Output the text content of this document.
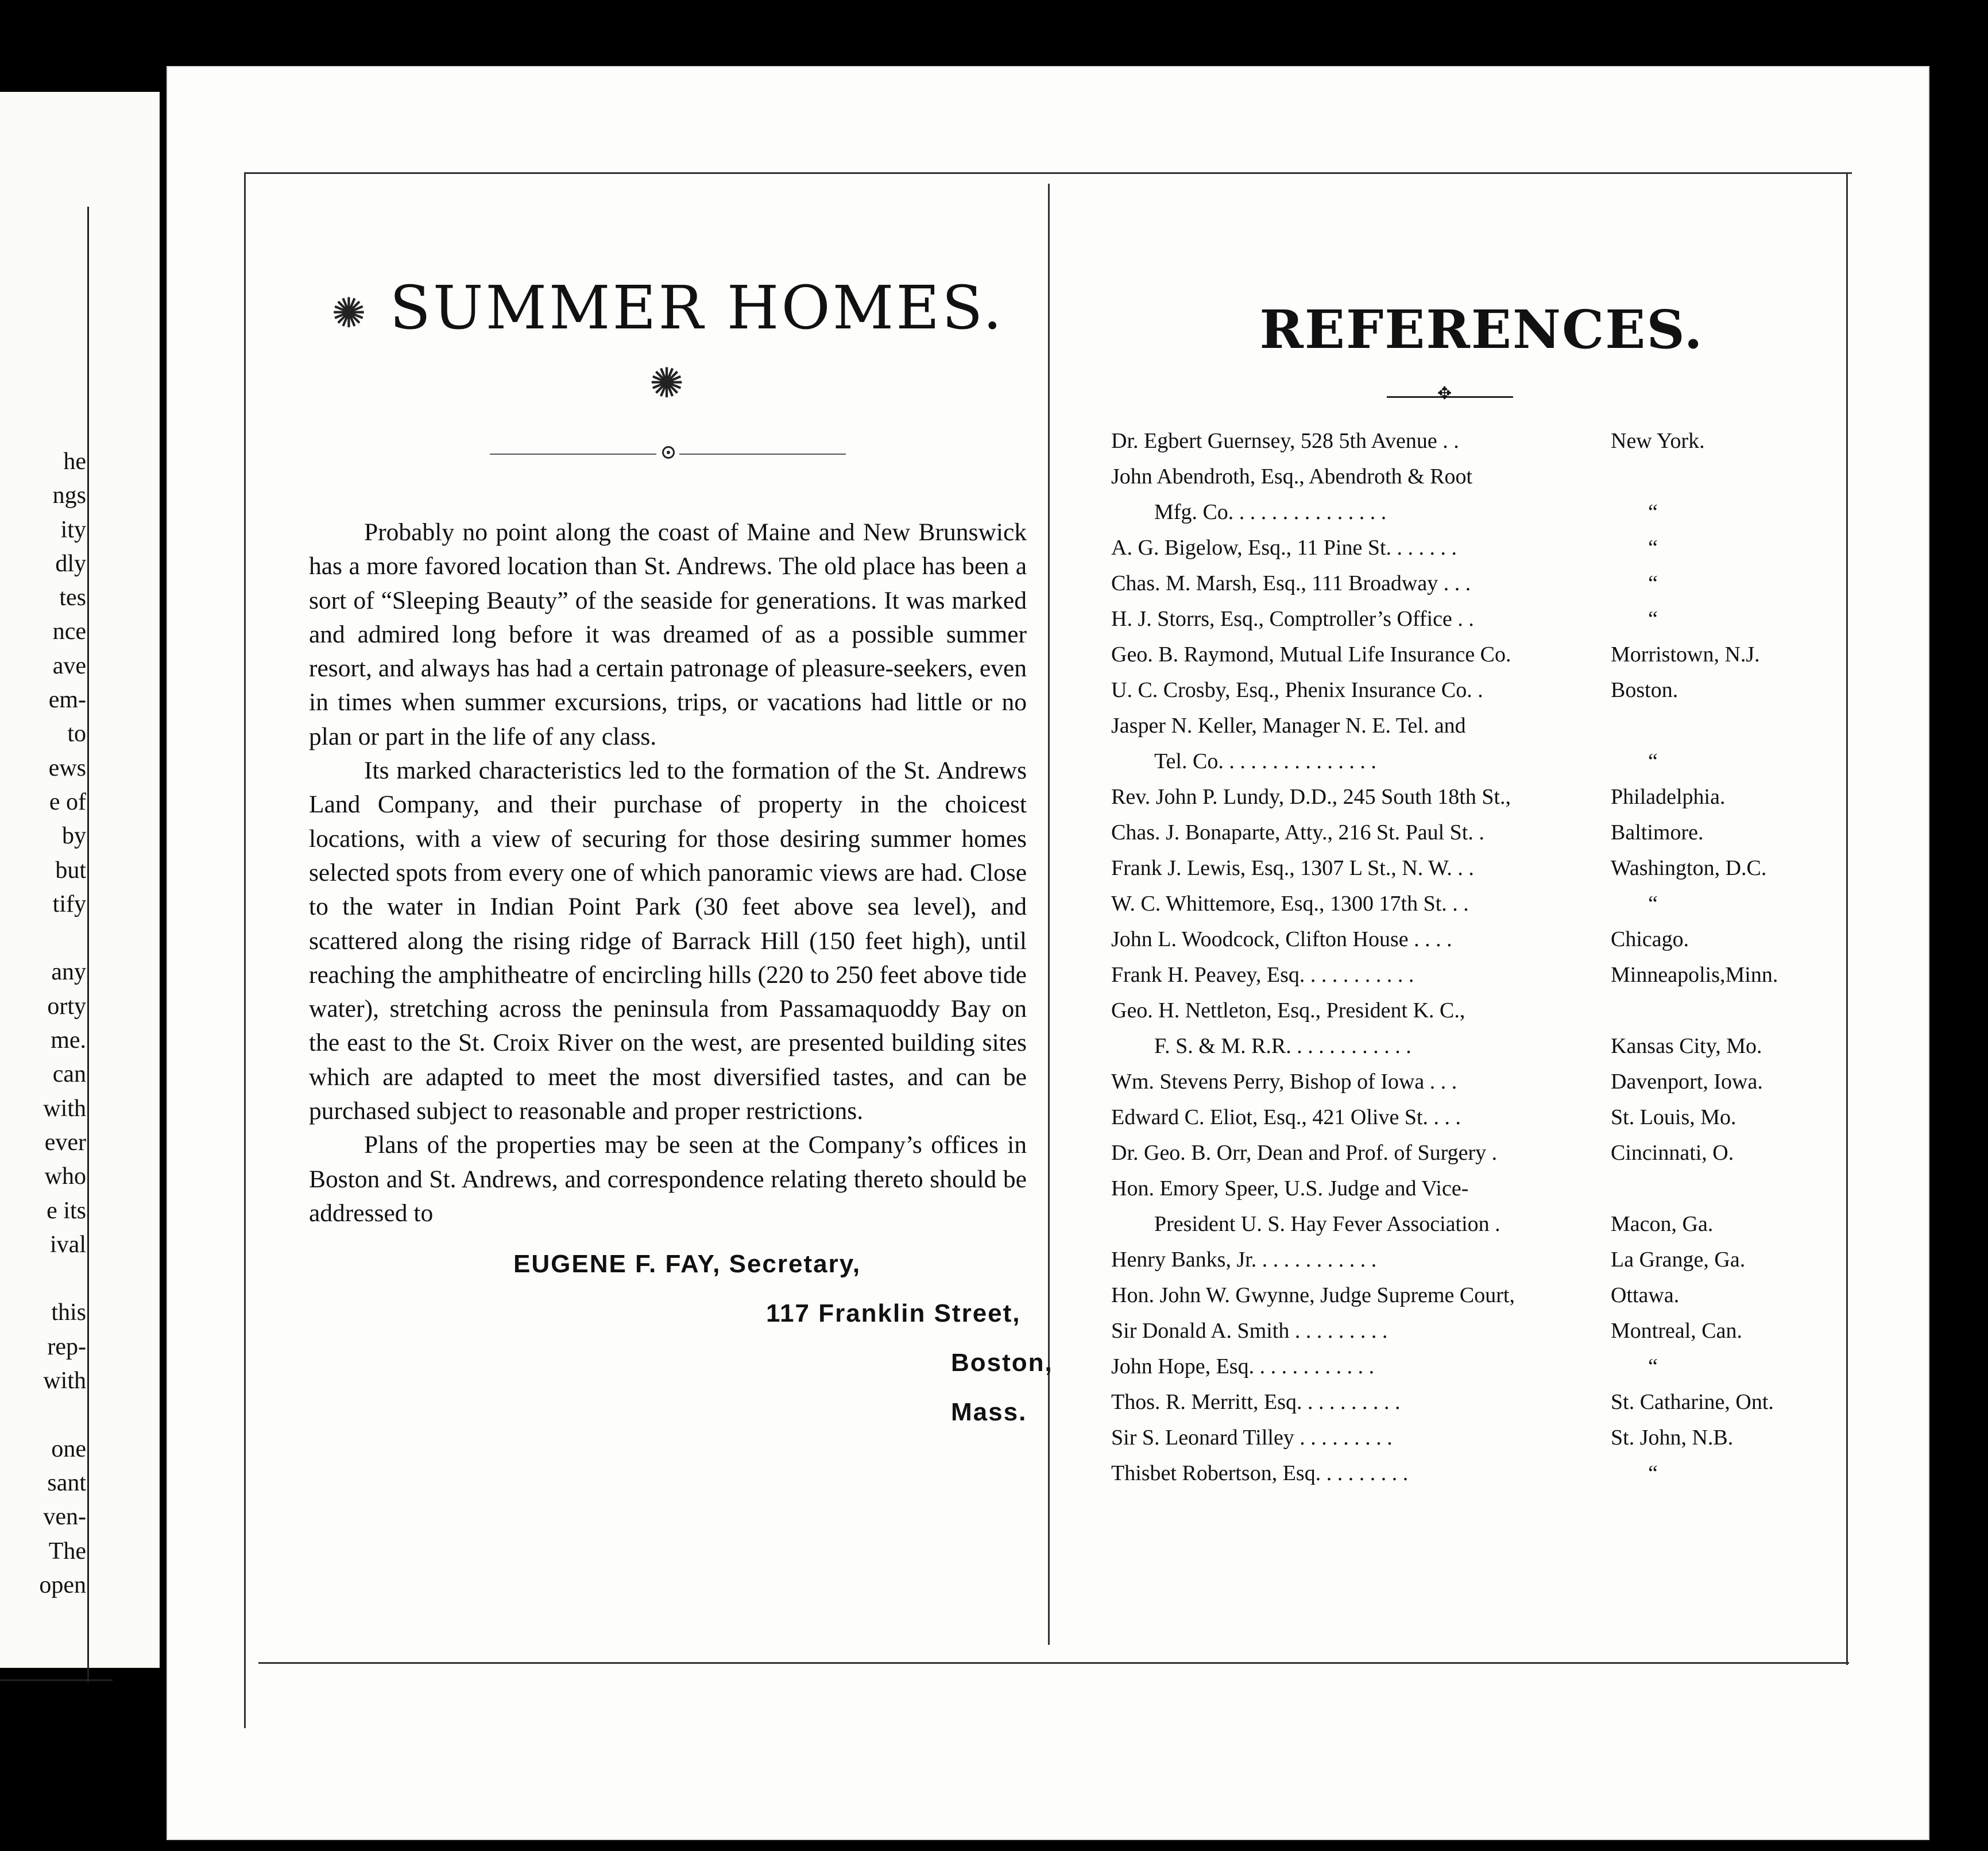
he
ngs
ity
dly
tes
nce
ave
em-
to
ews
e of
by
but
tify
any
orty
me.
can
with
ever
who
e its
ival
this
rep-
with
one
sant
ven-
The
open
✺ SUMMER HOMES. ✺

Probably no point along the coast of Maine and New Brunswick has a more favored location than St. Andrews. The old place has been a sort of “Sleeping Beauty” of the seaside for generations. It was marked and admired long before it was dreamed of as a possible summer resort, and always has had a certain patronage of pleasure-seekers, even in times when summer excursions, trips, or vacations had little or no plan or part in the life of any class.

Its marked characteristics led to the formation of the St. Andrews Land Company, and their purchase of property in the choicest locations, with a view of securing for those desiring summer homes selected spots from every one of which panoramic views are had. Close to the water in Indian Point Park (30 feet above sea level), and scattered along the rising ridge of Barrack Hill (150 feet high), until reaching the amphitheatre of encircling hills (220 to 250 feet above tide water), stretching across the peninsula from Passamaquoddy Bay on the east to the St. Croix River on the west, are presented building sites which are adapted to meet the most diversified tastes, and can be purchased subject to reasonable and proper restrictions.

Plans of the properties may be seen at the Company’s offices in Boston and St. Andrews, and correspondence relating thereto should be addressed to

EUGENE F. FAY, Secretary,
117 Franklin Street,
Boston, Mass.
REFERENCES.
✥
Dr. Egbert Guernsey, 528 5th Avenue . .	New York.
John Abendroth, Esq., Abendroth & Root
Mfg. Co. . . . . . . . . . . . . . .	“
A. G. Bigelow, Esq., 11 Pine St. . . . . . .	“
Chas. M. Marsh, Esq., 111 Broadway . . .	“
H. J. Storrs, Esq., Comptroller’s Office . .	“
Geo. B. Raymond, Mutual Life Insurance Co.	Morristown, N.J.
U. C. Crosby, Esq., Phenix Insurance Co. .	Boston.
Jasper N. Keller, Manager N. E. Tel. and
Tel. Co. . . . . . . . . . . . . . .	“
Rev. John P. Lundy, D.D., 245 South 18th St.,	Philadelphia.
Chas. J. Bonaparte, Atty., 216 St. Paul St. .	Baltimore.
Frank J. Lewis, Esq., 1307 L St., N. W. . .	Washington, D.C.
W. C. Whittemore, Esq., 1300 17th St. . .	“
John L. Woodcock, Clifton House . . . .	Chicago.
Frank H. Peavey, Esq. . . . . . . . . . .	Minneapolis,Minn.
Geo. H. Nettleton, Esq., President K. C.,
F. S. & M. R.R. . . . . . . . . . . .	Kansas City, Mo.
Wm. Stevens Perry, Bishop of Iowa . . .	Davenport, Iowa.
Edward C. Eliot, Esq., 421 Olive St. . . .	St. Louis, Mo.
Dr. Geo. B. Orr, Dean and Prof. of Surgery .	Cincinnati, O.
Hon. Emory Speer, U.S. Judge and Vice-
President U. S. Hay Fever Association .	Macon, Ga.
Henry Banks, Jr. . . . . . . . . . . .	La Grange, Ga.
Hon. John W. Gwynne, Judge Supreme Court,	Ottawa.
Sir Donald A. Smith . . . . . . . . .	Montreal, Can.
John Hope, Esq. . . . . . . . . . . .	“
Thos. R. Merritt, Esq. . . . . . . . . .	St. Catharine, Ont.
Sir S. Leonard Tilley . . . . . . . . .	St. John, N.B.
Thisbet Robertson, Esq. . . . . . . . .	“
